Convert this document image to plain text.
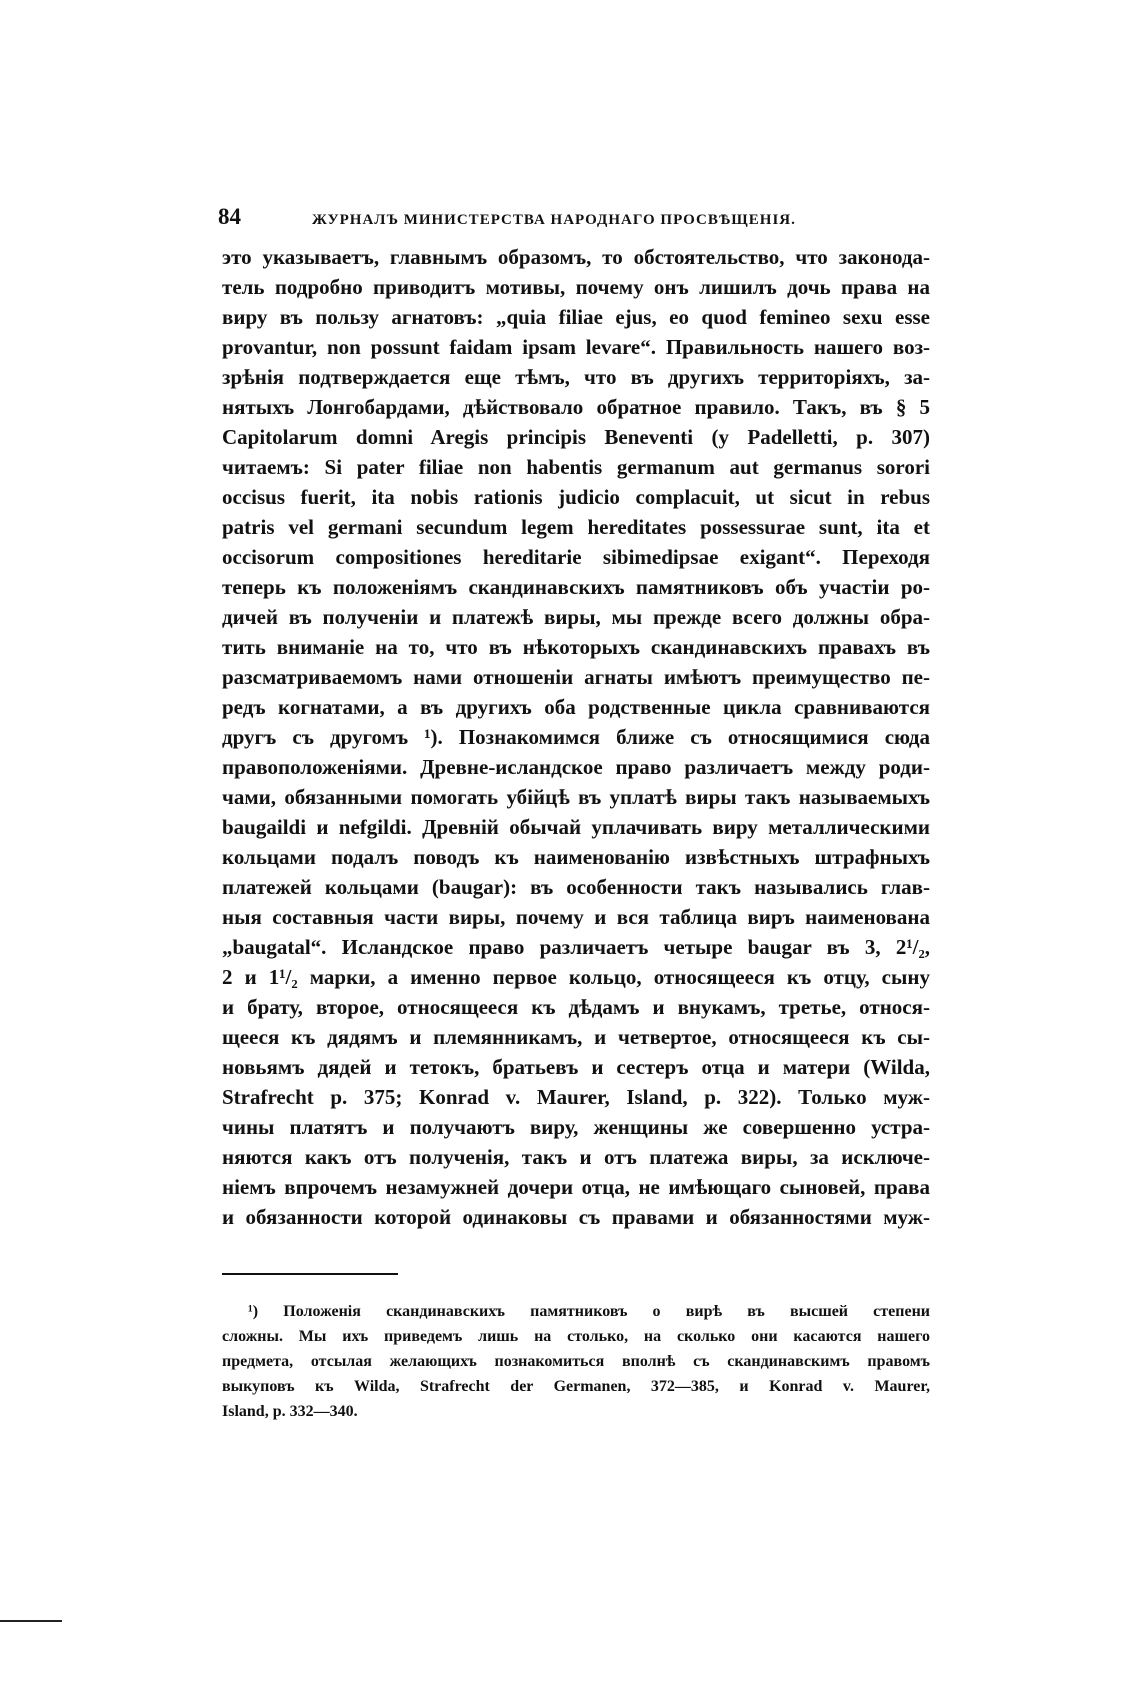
84	ЖУРНАЛЪ МИНИСТЕРСТВА НАРОДНАГО ПРОСВѢЩЕНІЯ.
это указываетъ, главнымъ образомъ, то обстоятельство, что законода-
тель подробно приводитъ мотивы, почему онъ лишилъ дочь права на
виру въ пользу агнатовъ: „quia filiae ejus, eo quod femineo sexu esse
provantur, non possunt faidam ipsam levare“. Правильность нашего воз-
зрѣнія подтверждается еще тѣмъ, что въ другихъ территоріяхъ, за-
нятыхъ Лонгобардами, дѣйствовало обратное правило. Такъ, въ § 5
Capitolarum domni Aregis principis Beneventi (y Padelletti, p. 307)
читаемъ: Si pater filiae non habentis germanum aut germanus sorori
occisus fuerit, ita nobis rationis judicio complacuit, ut sicut in rebus
patris vel germani secundum legem hereditates possessurae sunt, ita et
occisorum compositiones hereditarie sibimedipsae exigant“. Переходя
теперь къ положеніямъ скандинавскихъ памятниковъ объ участіи ро-
дичей въ полученіи и платежѣ виры, мы прежде всего должны обра-
тить вниманіе на то, что въ нѣкоторыхъ скандинавскихъ правахъ въ
разсматриваемомъ нами отношеніи агнаты имѣютъ преимущество пе-
редъ когнатами, а въ другихъ оба родственные цикла сравниваются
другъ съ другомъ ¹). Познакомимся ближе съ относящимися сюда
правоположеніями. Древне-исландское право различаетъ между роди-
чами, обязанными помогать убійцѣ въ уплатѣ виры такъ называемыхъ
baugaildi и nefgildi. Древній обычай уплачивать виру металлическими
кольцами подалъ поводъ къ наименованію извѣстныхъ штрафныхъ
платежей кольцами (baugar): въ особенности такъ назывались глав-
ныя составныя части виры, почему и вся таблица виръ наименована
„baugatal“. Исландское право различаетъ четыре baugar въ 3, 2¹/₂,
2 и 1¹/₂ марки, а именно первое кольцо, относящееся къ отцу, сыну
и брату, второе, относящееся къ дѣдамъ и внукамъ, третье, относя-
щееся къ дядямъ и племянникамъ, и четвертое, относящееся къ сы-
новьямъ дядей и тетокъ, братьевъ и сестеръ отца и матери (Wilda,
Strafrecht p. 375; Konrad v. Maurer, Island, p. 322). Только муж-
чины платятъ и получаютъ виру, женщины же совершенно устра-
няются какъ отъ полученія, такъ и отъ платежа виры, за исключе-
ніемъ впрочемъ незамужней дочери отца, не имѣющаго сыновей, права
и обязанности которой одинаковы съ правами и обязанностями муж-
¹) Положенія скандинавскихъ памятниковъ о вирѣ въ высшей степени
сложны. Мы ихъ приведемъ лишь на столько, на сколько они касаются нашего
предмета, отсылая желающихъ познакомиться вполнѣ съ скандинавскимъ правомъ
выкуповъ къ Wilda, Strafrecht der Germanen, 372—385, и Konrad v. Maurer,
Island, p. 332—340.
